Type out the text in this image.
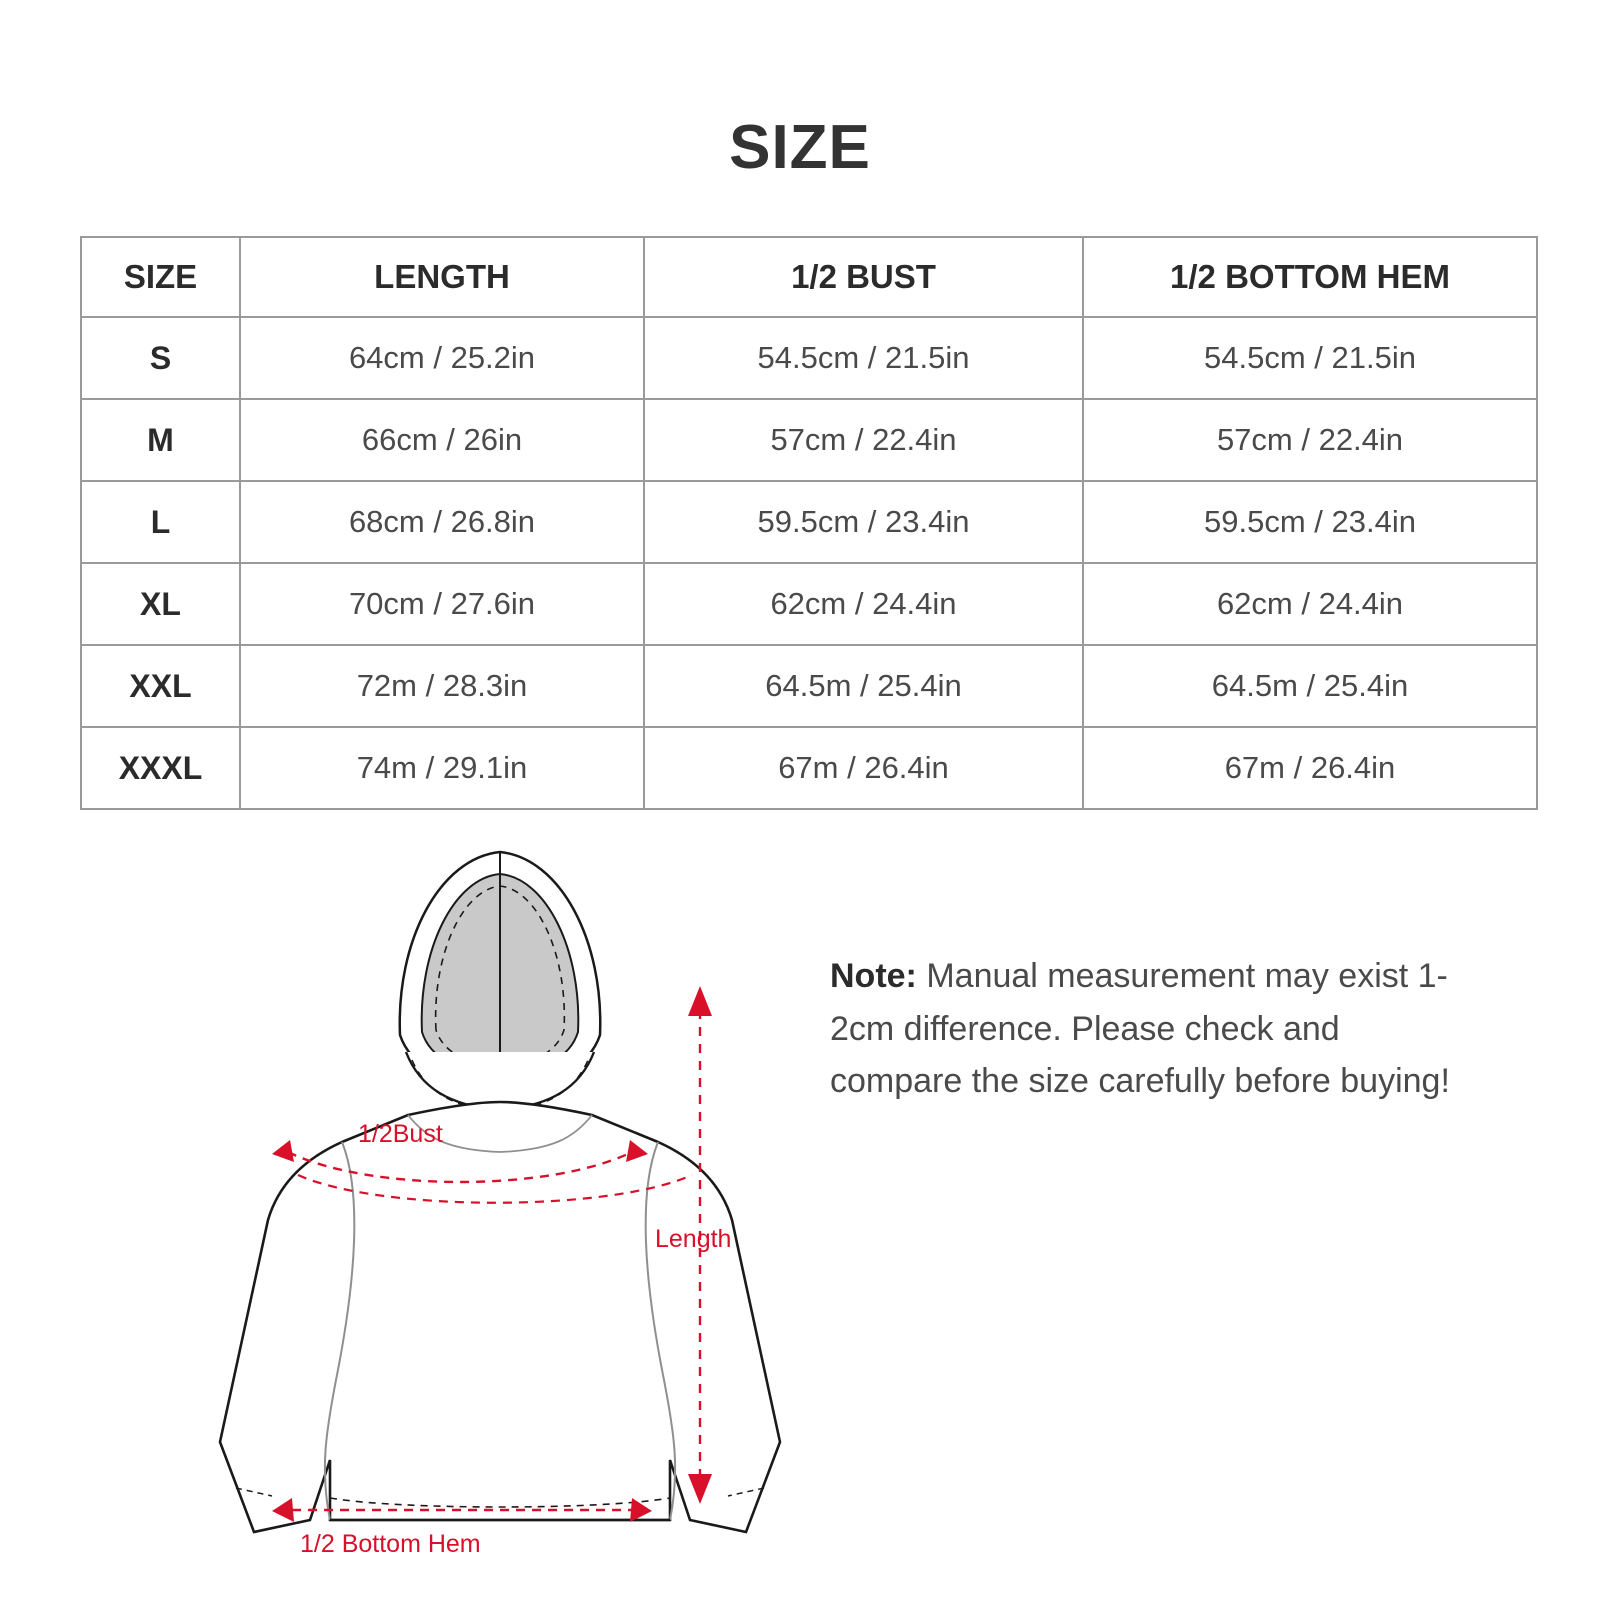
SIZE
SIZE	LENGTH	1/2 BUST	1/2 BOTTOM HEM
S	64cm / 25.2in	54.5cm / 21.5in	54.5cm / 21.5in
M	66cm / 26in	57cm / 22.4in	57cm / 22.4in
L	68cm / 26.8in	59.5cm / 23.4in	59.5cm / 23.4in
XL	70cm / 27.6in	62cm / 24.4in	62cm / 24.4in
XXL	72m / 28.3in	64.5m / 25.4in	64.5m / 25.4in
XXXL	74m / 29.1in	67m / 26.4in	67m / 26.4in
Note: Manual measurement may exist 1-2cm difference. Please check and compare the size carefully before buying!
1/2Bust
Length
1/2 Bottom Hem
